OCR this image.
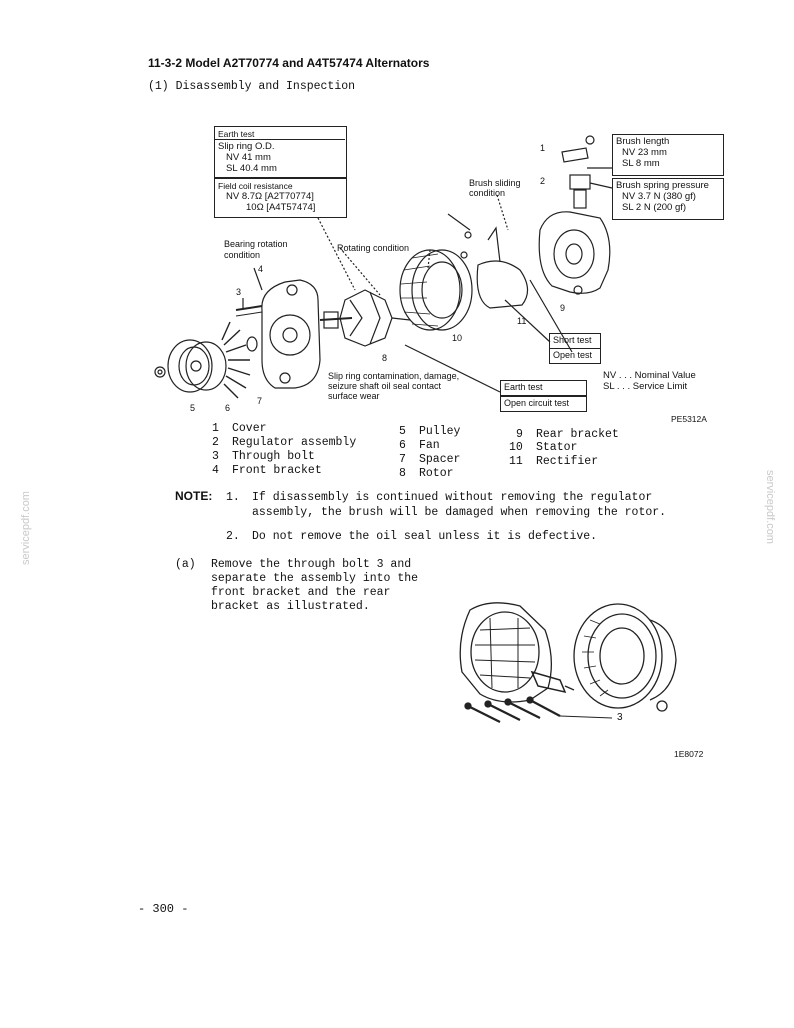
11-3-2 Model A2T70774 and A4T57474 Alternators
(1) Disassembly and Inspection
Earth test
Slip ring O.D.
NV 41 mm
SL 40.4 mm
Field coil resistance
NV 8.7Ω [A2T70774]
10Ω [A4T57474]
Brush length
NV 23 mm
SL 8 mm
Brush spring pressure
NV 3.7 N (380 gf)
SL 2 N (200 gf)
Brush sliding
condition
Bearing rotation
condition
Rotating condition
Slip ring contamination, damage,
seizure shaft oil seal contact
surface wear
Short test
Open test
Earth test
Open circuit test
NV . . . Nominal Value
SL . . . Service Limit
PE5312A
1
2
3
4
5	6
7
8
9
10
11
1 Cover
2 Regulator assembly
3 Through bolt
4 Front bracket
5 Pulley
6 Fan
7 Spacer
8 Rotor
9 Rear bracket
10 Stator
11 Rectifier
NOTE: 1. If disassembly is continued without removing the regulator
assembly, the brush will be damaged when removing the rotor.
2. Do not remove the oil seal unless it is defective.
(a) Remove the through bolt 3 and
separate the assembly into the
front bracket and the rear
bracket as illustrated.
3
1E8072
- 300 -
servicepdf.com	servicepdf.com
